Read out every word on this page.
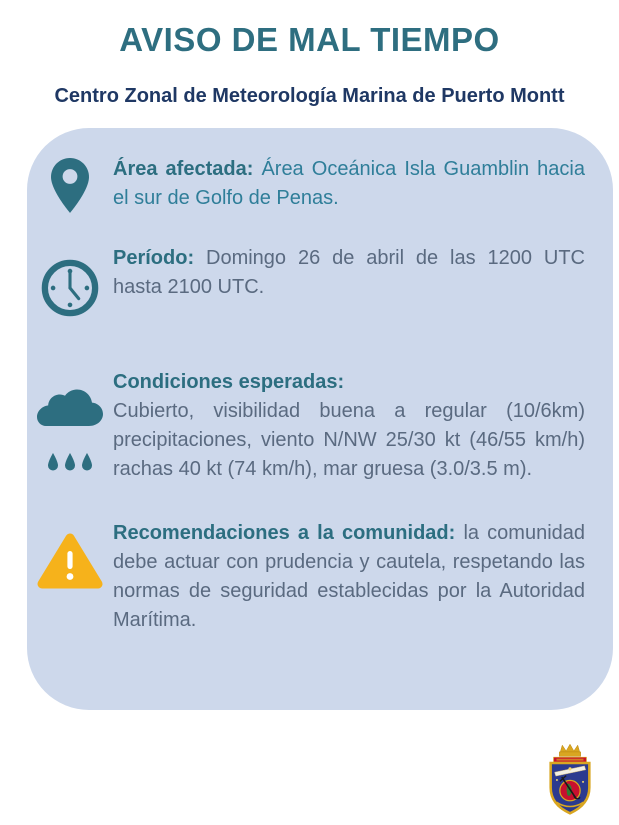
AVISO DE MAL TIEMPO
Centro Zonal de Meteorología Marina de Puerto Montt

Área afectada: Área Oceánica Isla Guamblin hacia el sur de Golfo de Penas.

Período: Domingo 26 de abril de las 1200 UTC hasta 2100 UTC.

Condiciones esperadas:
Cubierto, visibilidad buena a regular (10/6km) precipitaciones, viento N/NW 25/30 kt (46/55 km/h) rachas 40 kt (74 km/h), mar gruesa (3.0/3.5 m).

Recomendaciones a la comunidad: la comunidad debe actuar con prudencia y cautela, respetando las normas de seguridad establecidas por la Autoridad Marítima.
